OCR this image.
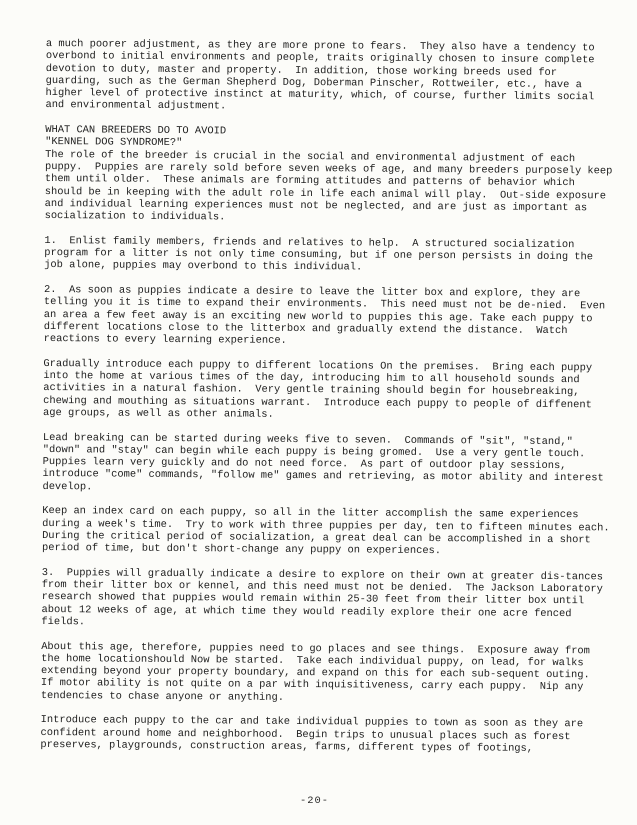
a much poorer adjustment, as they are more prone to fears.  They also have a tendency to overbond to initial environments and people, traits originally chosen to insure complete devotion to duty, master and property.  In addition, those working breeds used for guarding, such as the German Shepherd Dog, Doberman Pinscher, Rottweiler, etc., have a higher level of protective instinct at maturity, which, of course, further limits social and environmental adjustment.

WHAT CAN BREEDERS DO TO AVOID

"KENNEL DOG SYNDROME?"

The role of the breeder is crucial in the social and environmental adjustment of each puppy.  Puppies are rarely sold before seven weeks of age, and many breeders purposely keep them until older.  These animals are forming attitudes and patterns of behavior which should be in keeping with the adult role in life each animal will play.  Out-side exposure and individual learning experiences must not be neglected, and are just as important as socialization to individuals.

1.  Enlist family members, friends and relatives to help.  A structured socialization program for a litter is not only time consuming, but if one person persists in doing the job alone, puppies may overbond to this individual.

2.  As soon as puppies indicate a desire to leave the litter box and explore, they are telling you it is time to expand their environments.  This need must not be de-nied.  Even an area a few feet away is an exciting new world to puppies this age. Take each puppy to different locations close to the litterbox and gradually extend the distance.  Watch reactions to every learning experience.

Gradually introduce each puppy to different locations On the premises.  Bring each puppy into the home at various times of the day, introducing him to all household sounds and activities in a natural fashion.  Very gentle training should begin for housebreaking, chewing and mouthing as situations warrant.  Introduce each puppy to people of diffenent age groups, as well as other animals.

Lead breaking can be started during weeks five to seven.  Commands of "sit", "stand," "down" and "stay" can begin while each puppy is being gromed.  Use a very gentle touch. Puppies learn very guickly and do not need force.  As part of outdoor play sessions, introduce "come" commands, "follow me" games and retrieving, as motor ability and interest develop.

Keep an index card on each puppy, so all in the litter accomplish the same experiences during a week's time.  Try to work with three puppies per day, ten to fifteen minutes each.  During the critical period of socialization, a great deal can be accomplished in a short period of time, but don't short-change any puppy on experiences.

3.  Puppies will gradually indicate a desire to explore on their own at greater dis-tances from their litter box or kennel, and this need must not be denied.  The Jackson Laboratory research showed that puppies would remain within 25-30 feet from their litter box until about 12 weeks of age, at which time they would readily explore their one acre fenced fields.

About this age, therefore, puppies need to go places and see things.  Exposure away from the home locationshould Now be started.  Take each individual puppy, on lead, for walks extending beyond your property boundary, and expand on this for each sub-sequent outing.  If motor ability is not quite on a par with inquisitiveness, carry each puppy.  Nip any tendencies to chase anyone or anything.

Introduce each puppy to the car and take individual puppies to town as soon as they are confident around home and neighborhood.  Begin trips to unusual places such as forest preserves, playgrounds, construction areas, farms, different types of footings,

-20-
